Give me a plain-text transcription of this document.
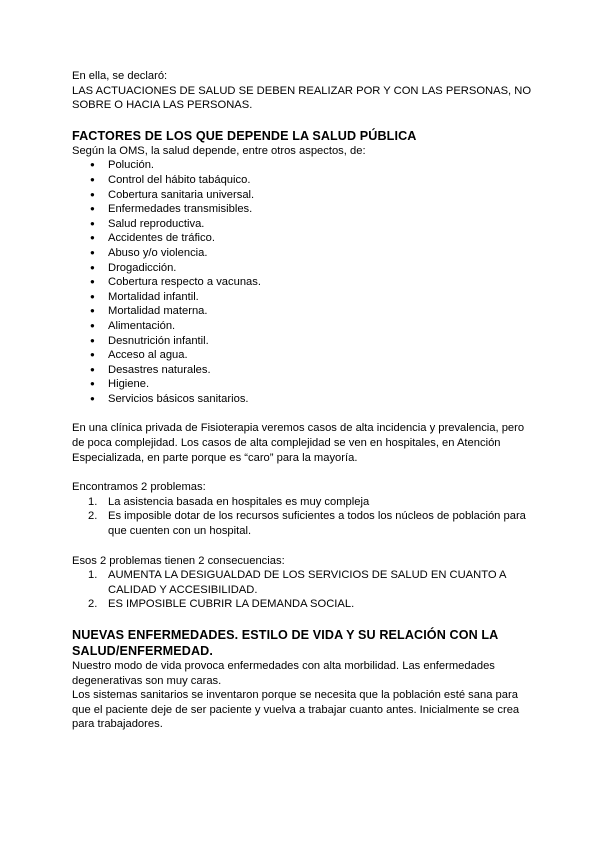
En ella, se declaró:

LAS ACTUACIONES DE SALUD SE DEBEN REALIZAR POR Y CON LAS PERSONAS, NO SOBRE O HACIA LAS PERSONAS.

FACTORES DE LOS QUE DEPENDE LA SALUD PÚBLICA

Según la OMS, la salud depende, entre otros aspectos, de:

● Polución.
● Control del hábito tabáquico.
● Cobertura sanitaria universal.
● Enfermedades transmisibles.
● Salud reproductiva.
● Accidentes de tráfico.
● Abuso y/o violencia.
● Drogadicción.
● Cobertura respecto a vacunas.
● Mortalidad infantil.
● Mortalidad materna.
● Alimentación.
● Desnutrición infantil.
● Acceso al agua.
● Desastres naturales.
● Higiene.
● Servicios básicos sanitarios.

En una clínica privada de Fisioterapia veremos casos de alta incidencia y prevalencia, pero de poca complejidad. Los casos de alta complejidad se ven en hospitales, en Atención Especializada, en parte porque es “caro” para la mayoría.

Encontramos 2 problemas:

1. La asistencia basada en hospitales es muy compleja
2. Es imposible dotar de los recursos suficientes a todos los núcleos de población para que cuenten con un hospital.

Esos 2 problemas tienen 2 consecuencias:

1. AUMENTA LA DESIGUALDAD DE LOS SERVICIOS DE SALUD EN CUANTO A CALIDAD Y ACCESIBILIDAD.
2. ES IMPOSIBLE CUBRIR LA DEMANDA SOCIAL.
NUEVAS ENFERMEDADES. ESTILO DE VIDA Y SU RELACIÓN CON LA SALUD/ENFERMEDAD.

Nuestro modo de vida provoca enfermedades con alta morbilidad. Las enfermedades degenerativas son muy caras.

Los sistemas sanitarios se inventaron porque se necesita que la población esté sana para que el paciente deje de ser paciente y vuelva a trabajar cuanto antes. Inicialmente se crea para trabajadores.
